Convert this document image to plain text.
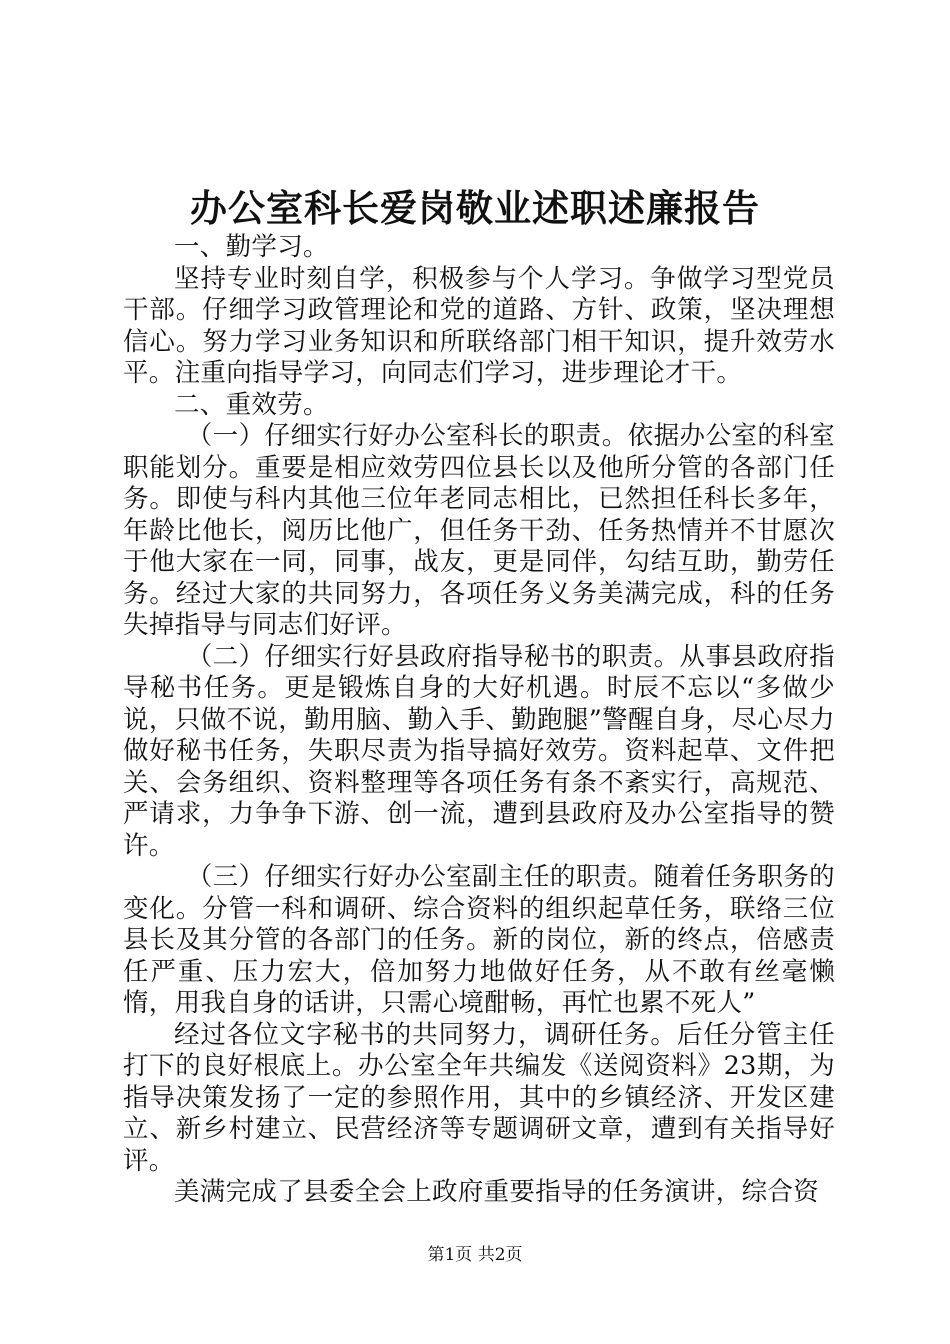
办公室科长爱岗敬业述职述廉报告

一、勤学习。

坚持专业时刻自学，积极参与个人学习。争做学习型党员干部。仔细学习政管理论和党的道路、方针、政策，坚决理想信心。努力学习业务知识和所联络部门相干知识，提升效劳水平。注重向指导学习，向同志们学习，进步理论才干。

二、重效劳。

（一）仔细实行好办公室科长的职责。依据办公室的科室职能划分。重要是相应效劳四位县长以及他所分管的各部门任务。即使与科内其他三位年老同志相比，已然担任科长多年，年龄比他长，阅历比他广，但任务干劲、任务热情并不甘愿次于他大家在一同，同事，战友，更是同伴，勾结互助，勤劳任务。经过大家的共同努力，各项任务义务美满完成，科的任务失掉指导与同志们好评。

（二）仔细实行好县政府指导秘书的职责。从事县政府指导秘书任务。更是锻炼自身的大好机遇。时辰不忘以“多做少说，只做不说，勤用脑、勤入手、勤跑腿”警醒自身，尽心尽力做好秘书任务，失职尽责为指导搞好效劳。资料起草、文件把关、会务组织、资料整理等各项任务有条不紊实行，高规范、严请求，力争争下游、创一流，遭到县政府及办公室指导的赞许。

（三）仔细实行好办公室副主任的职责。随着任务职务的变化。分管一科和调研、综合资料的组织起草任务，联络三位县长及其分管的各部门的任务。新的岗位，新的终点，倍感责任严重、压力宏大，倍加努力地做好任务，从不敢有丝毫懒惰，用我自身的话讲，只需心境酣畅，再忙也累不死人”

经过各位文字秘书的共同努力，调研任务。后任分管主任打下的良好根底上。办公室全年共编发《送阅资料》23期，为指导决策发扬了一定的参照作用，其中的乡镇经济、开发区建立、新乡村建立、民营经济等专题调研文章，遭到有关指导好评。

美满完成了县委全会上政府重要指导的任务演讲，综合资

第1页 共2页
